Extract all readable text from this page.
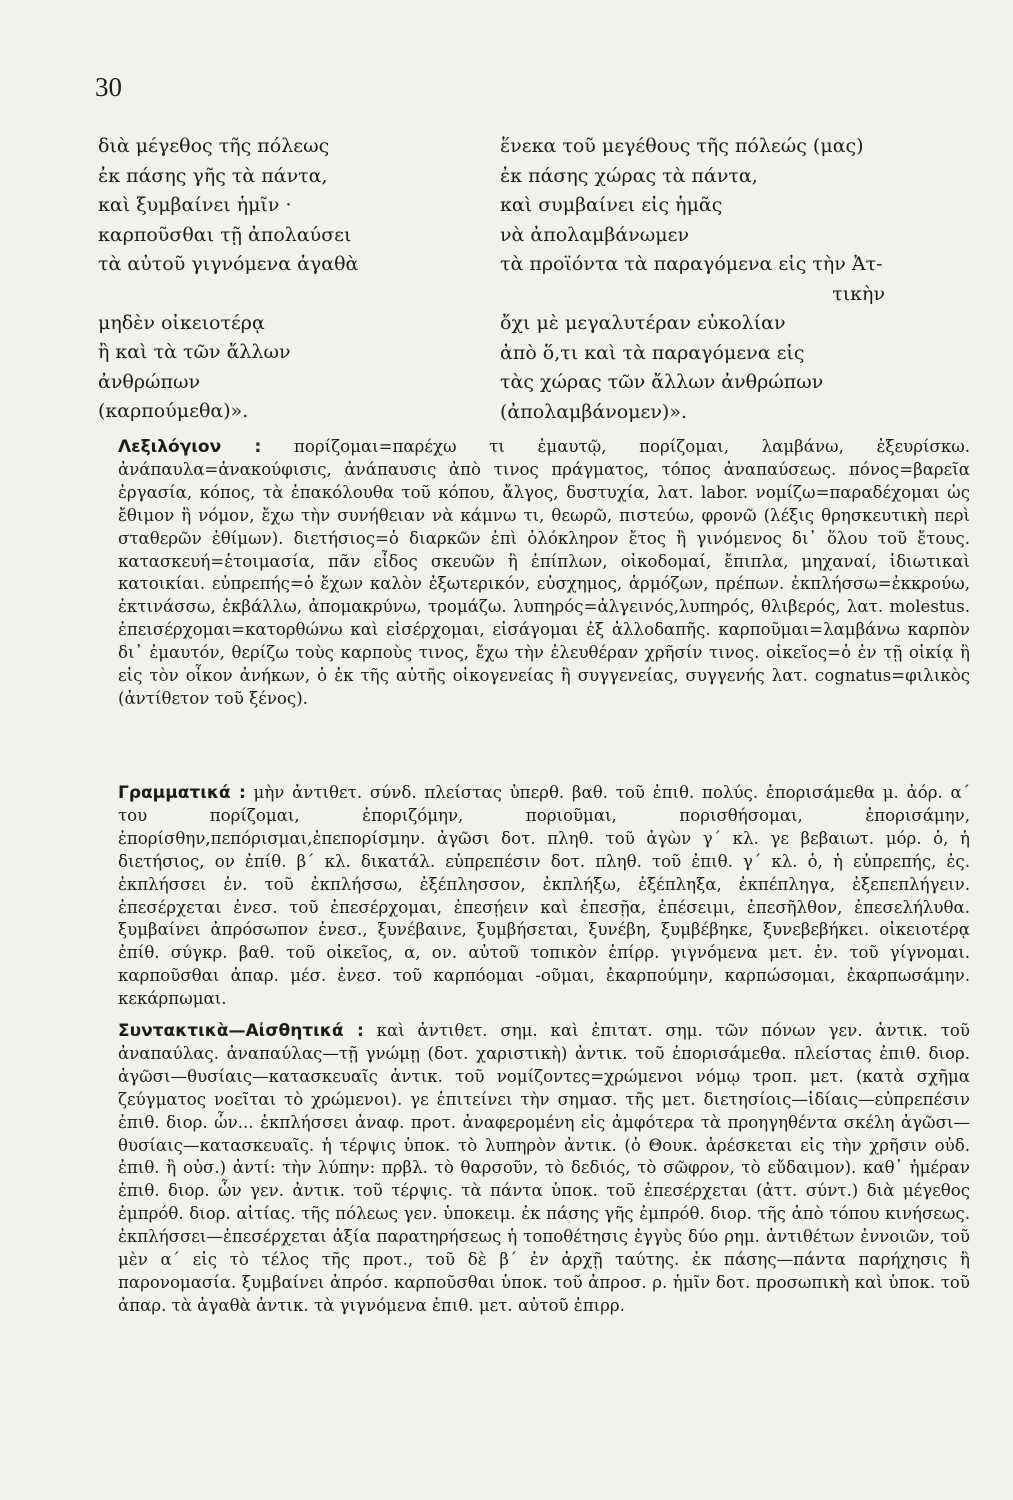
30
διὰ μέγεθος τῆς πόλεως
ἐκ πάσης γῆς τὰ πάντα,
καὶ ξυμβαίνει ἡμῖν ·
καρποῦσθαι τῇ ἀπολαύσει
τὰ αὐτοῦ γιγνόμενα ἀγαθὰ
μηδὲν οἰκειοτέρᾳ
ἢ καὶ τὰ τῶν ἄλλων
ἀνθρώπων
(καρπούμεθα)».
ἕνεκα τοῦ μεγέθους τῆς πόλεώς (μας)
ἐκ πάσης χώρας τὰ πάντα,
καὶ συμβαίνει εἰς ἡμᾶς
νὰ ἀπολαμβάνωμεν
τὰ προϊόντα τὰ παραγόμενα εἰς τὴν Ἀτ-
τικὴν
ὄχι μὲ μεγαλυτέραν εὐκολίαν
ἀπὸ ὅ,τι καὶ τὰ παραγόμενα εἰς
τὰς χώρας τῶν ἄλλων ἀνθρώπων
(ἀπολαμβάνομεν)».
Λεξιλόγιον : πορίζομαι=παρέχω τι ἐμαυτῷ, πορίζομαι, λαμβάνω, ἐξευρίσκω. ἀνάπαυλα=ἀνακούφισις, ἀνάπαυσις ἀπὸ τινος πράγματος, τόπος ἀναπαύσεως. πόνος=βαρεῖα ἐργασία, κόπος, τὰ ἐπακόλουθα τοῦ κόπου, ἄλγος, δυστυχία, λατ. labor. νομίζω=παραδέχομαι ὡς ἔθιμον ἢ νόμον, ἔχω τὴν συνήθειαν νὰ κάμνω τι, θεωρῶ, πιστεύω, φρονῶ (λέξις θρησκευτικὴ περὶ σταθερῶν ἐθίμων). διετήσιος=ὁ διαρκῶν ἐπὶ ὁλόκληρον ἔτος ἢ γινόμενος δι᾽ ὅλου τοῦ ἔτους. κατασκευή=ἑτοιμασία, πᾶν εἶδος σκευῶν ἢ ἐπίπλων, οἰκοδομαί, ἔπιπλα, μηχαναί, ἰδιωτικαὶ κατοικίαι. εὐπρεπής=ὁ ἔχων καλὸν ἐξωτερικόν, εὐσχημος, ἁρμόζων, πρέπων. ἐκπλήσσω=ἐκκρούω, ἐκτινάσσω, ἐκβάλλω, ἀπομακρύνω, τρομάζω. λυπηρός=ἀλγεινός,λυπηρός, θλιβερός, λατ. molestus. ἐπεισέρχομαι=κατορθώνω καὶ εἰσέρχομαι, εἰσάγομαι ἐξ ἀλλοδαπῆς. καρποῦμαι=λαμβάνω καρπὸν δι᾽ ἐμαυτόν, θερίζω τοὺς καρποὺς τινος, ἔχω τὴν ἐλευθέραν χρῆσίν τινος. οἰκεῖος=ὁ ἐν τῇ οἰκίᾳ ἢ εἰς τὸν οἶκον ἀνήκων, ὁ ἐκ τῆς αὐτῆς οἰκογενείας ἢ συγγενείας, συγγενής λατ. cognatus=φιλικὸς (ἀντίθετον τοῦ ξένος).
Γραμματικά : μὴν ἀντιθετ. σύνδ. πλείστας ὑπερθ. βαθ. τοῦ ἐπιθ. πολύς. ἐπορισάμεθα μ. ἀόρ. α΄ του πορίζομαι, ἐποριζόμην, ποριοῦμαι, πορισθήσομαι, ἐπορισάμην, ἐπορίσθην,πεπόρισμαι,ἐπεπορίσμην. ἀγῶσι δοτ. πληθ. τοῦ ἀγὼν γ΄ κλ. γε βεβαιωτ. μόρ. ὁ, ἡ διετήσιος, ον ἐπίθ. β΄ κλ. δικατάλ. εὐπρεπέσιν δοτ. πληθ. τοῦ ἐπιθ. γ΄ κλ. ὁ, ἡ εὐπρεπής, ἐς. ἐκπλήσσει ἐν. τοῦ ἐκπλήσσω, ἐξέπλησσον, ἐκπλήξω, ἐξέπληξα, ἐκπέπληγα, ἐξεπεπλήγειν. ἐπεσέρχεται ἐνεσ. τοῦ ἐπεσέρχομαι, ἐπεσῄειν καὶ ἐπεσῇα, ἐπέσειμι, ἐπεσῆλθον, ἐπεσελήλυθα. ξυμβαίνει ἀπρόσωπον ἐνεσ., ξυνέβαινε, ξυμβήσεται, ξυνέβη, ξυμβέβηκε, ξυνεβεβήκει. οἰκειοτέρᾳ ἐπίθ. σύγκρ. βαθ. τοῦ οἰκεῖος, α, ον. αὐτοῦ τοπικὸν ἐπίρρ. γιγνόμενα μετ. ἐν. τοῦ γίγνομαι. καρποῦσθαι ἀπαρ. μέσ. ἐνεσ. τοῦ καρπόομαι -οῦμαι, ἐκαρπούμην, καρπώσομαι, ἐκαρπωσάμην. κεκάρπωμαι.
Συντακτικὰ—Αἰσθητικά : καὶ ἀντιθετ. σημ. καὶ ἐπιτατ. σημ. τῶν πόνων γεν. ἀντικ. τοῦ ἀναπαύλας. ἀναπαύλας—τῇ γνώμῃ (δοτ. χαριστικὴ) ἀντικ. τοῦ ἐπορισάμεθα. πλείστας ἐπιθ. διορ. ἀγῶσι—θυσίαις—κατασκευαῖς ἀντικ. τοῦ νομίζοντες=χρώμενοι νόμῳ τροπ. μετ. (κατὰ σχῆμα ζεύγματος νοεῖται τὸ χρώμενοι). γε ἐπιτείνει τὴν σημασ. τῆς μετ. διετησίοις—ἰδίαις—εὐπρεπέσιν ἐπιθ. διορ. ὧν... ἐκπλήσσει ἀναφ. προτ. ἀναφερομένη εἰς ἀμφότερα τὰ προηγηθέντα σκέλη ἀγῶσι—θυσίαις—κατασκευαῖς. ἡ τέρψις ὑποκ. τὸ λυπηρὸν ἀντικ. (ὁ Θουκ. ἀρέσκεται εἰς τὴν χρῆσιν οὐδ. ἐπιθ. ἢ οὐσ.) ἀντί: τὴν λύπην: πρβλ. τὸ θαρσοῦν, τὸ δεδιός, τὸ σῶφρον, τὸ εὔδαιμον). καθ᾽ ἡμέραν ἐπιθ. διορ. ὧν γεν. ἀντικ. τοῦ τέρψις. τὰ πάντα ὑποκ. τοῦ ἐπεσέρχεται (ἀττ. σύντ.) διὰ μέγεθος ἐμπρόθ. διορ. αἰτίας. τῆς πόλεως γεν. ὑποκειμ. ἐκ πάσης γῆς ἐμπρόθ. διορ. τῆς ἀπὸ τόπου κινήσεως. ἐκπλήσσει—ἐπεσέρχεται ἀξία παρατηρήσεως ἡ τοποθέτησις ἐγγὺς δύο ρημ. ἀντιθέτων ἐννοιῶν, τοῦ μὲν α΄ εἰς τὸ τέλος τῆς προτ., τοῦ δὲ β΄ ἐν ἀρχῇ ταύτης. ἐκ πάσης—πάντα παρήχησις ἢ παρονομασία. ξυμβαίνει ἀπρόσ. καρποῦσθαι ὑποκ. τοῦ ἀπροσ. ρ. ἡμῖν δοτ. προσωπικὴ καὶ ὑποκ. τοῦ ἀπαρ. τὰ ἀγαθὰ ἀντικ. τὰ γιγνόμενα ἐπιθ. μετ. αὐτοῦ ἐπιρρ.
